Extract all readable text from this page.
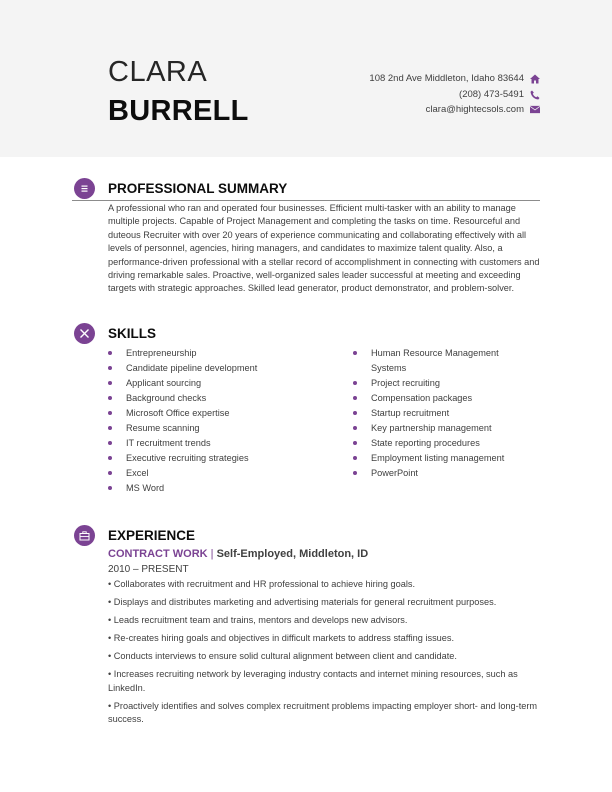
CLARA
BURRELL
108 2nd Ave Middleton, Idaho 83644
(208) 473-5491
clara@hightecsols.com
PROFESSIONAL SUMMARY
A professional who ran and operated four businesses. Efficient multi-tasker with an ability to manage multiple projects. Capable of Project Management and completing the tasks on time. Resourceful and duteous Recruiter with over 20 years of experience communicating and collaborating effectively with all levels of personnel, agencies, hiring managers, and candidates to maximize talent quality. Also, a performance-driven professional with a stellar record of accomplishment in connecting with customers and driving remarkable sales. Proactive, well-organized sales leader successful at meeting and exceeding targets with strategic approaches. Skilled lead generator, product demonstrator, and problem-solver.
SKILLS
Entrepreneurship
Candidate pipeline development
Applicant sourcing
Background checks
Microsoft Office expertise
Resume scanning
IT recruitment trends
Executive recruiting strategies
Excel
MS Word
Human Resource Management Systems
Project recruiting
Compensation packages
Startup recruitment
Key partnership management
State reporting procedures
Employment listing management
PowerPoint
EXPERIENCE
CONTRACT WORK | Self-Employed, Middleton, ID
2010 – PRESENT
• Collaborates with recruitment and HR professional to achieve hiring goals.
• Displays and distributes marketing and advertising materials for general recruitment purposes.
• Leads recruitment team and trains, mentors and develops new advisors.
• Re-creates hiring goals and objectives in difficult markets to address staffing issues.
• Conducts interviews to ensure solid cultural alignment between client and candidate.
• Increases recruiting network by leveraging industry contacts and internet mining resources, such as LinkedIn.
• Proactively identifies and solves complex recruitment problems impacting employer short- and long-term success.
